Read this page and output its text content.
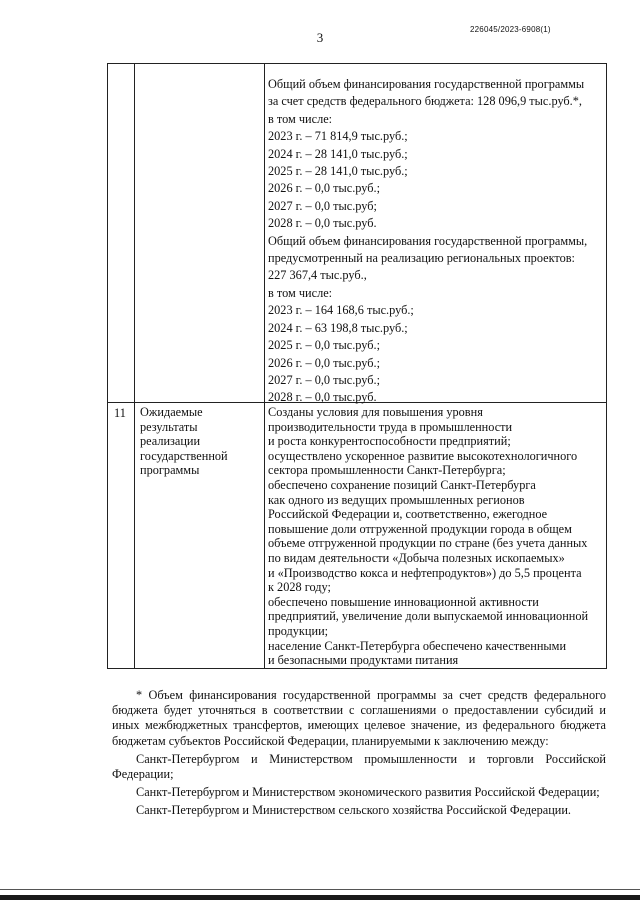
3
226045/2023-6908(1)

Общий объем финансирования государственной программы

за счет средств федерального бюджета: 128 096,9 тыс.руб.*,

в том числе:

2023 г. – 71 814,9 тыс.руб.;

2024 г. – 28 141,0 тыс.руб.;

2025 г. – 28 141,0 тыс.руб.;

2026 г. – 0,0 тыс.руб.;

2027 г. – 0,0 тыс.руб;

2028 г. – 0,0 тыс.руб.

Общий объем финансирования государственной программы,

предусмотренный на реализацию региональных проектов:

227 367,4 тыс.руб.,

в том числе:

2023 г. – 164 168,6 тыс.руб.;

2024 г. – 63 198,8 тыс.руб.;

2025 г. – 0,0 тыс.руб.;

2026 г. – 0,0 тыс.руб.;

2027 г. – 0,0 тыс.руб.;

2028 г. – 0,0 тыс.руб.

11 Ожидаемые

результаты

реализации

государственной

программы

Созданы условия для повышения уровня

производительности труда в промышленности

и роста конкурентоспособности предприятий;

осуществлено ускоренное развитие высокотехнологичного

сектора промышленности Санкт-Петербурга;

обеспечено сохранение позиций Санкт-Петербурга

как одного из ведущих промышленных регионов

Российской Федерации и, соответственно, ежегодное

повышение доли отгруженной продукции города в общем

объеме отгруженной продукции по стране (без учета данных

по видам деятельности «Добыча полезных ископаемых»

и «Производство кокса и нефтепродуктов») до 5,5 процента

к 2028 году;

обеспечено повышение инновационной активности

предприятий, увеличение доли выпускаемой инновационной

продукции;

население Санкт-Петербурга обеспечено качественными

и безопасными продуктами питания

* Объем финансирования государственной программы за счет средств федерального бюджета будет уточняться в соответствии с соглашениями о предоставлении субсидий и иных межбюджетных трансфертов, имеющих целевое значение, из федерального бюджета бюджетам субъектов Российской Федерации, планируемыми к заключению между:

Санкт-Петербургом и Министерством промышленности и торговли Российской Федерации;

Санкт-Петербургом и Министерством экономического развития Российской Федерации;

Санкт-Петербургом и Министерством сельского хозяйства Российской Федерации.
